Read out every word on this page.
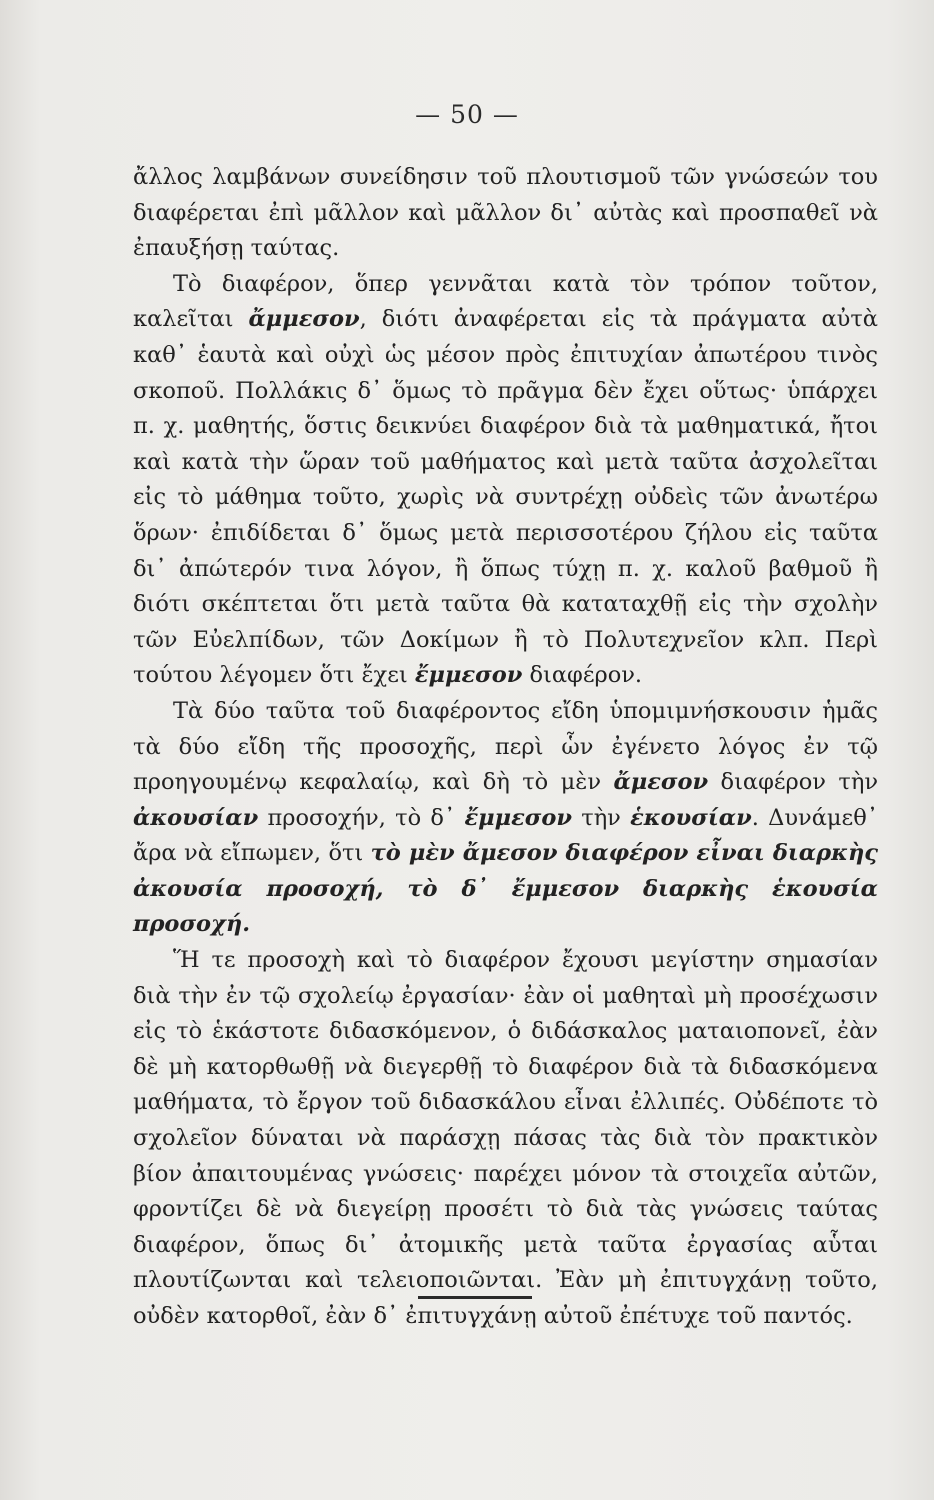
— 50 —

ἄλλος λαμβάνων συνείδησιν τοῦ πλουτισμοῦ τῶν γνώσεών του διαφέρεται ἐπὶ μᾶλλον καὶ μᾶλλον δι᾽ αὐτὰς καὶ προσπαθεῖ νὰ ἐπαυξήσῃ ταύτας.

Τὸ διαφέρον, ὅπερ γεννᾶται κατὰ τὸν τρόπον τοῦτον, καλεῖται ἄμμεσον, διότι ἀναφέρεται εἰς τὰ πράγματα αὐτὰ καθ᾽ ἑαυτὰ καὶ οὐχὶ ὡς μέσον πρὸς ἐπιτυχίαν ἀπωτέρου τινὸς σκοποῦ. Πολλάκις δ᾽ ὅμως τὸ πρᾶγμα δὲν ἔχει οὕτως· ὑπάρχει π. χ. μαθητής, ὅστις δεικνύει διαφέρον διὰ τὰ μαθηματικά, ἤτοι καὶ κατὰ τὴν ὥραν τοῦ μαθήματος καὶ μετὰ ταῦτα ἀσχολεῖται εἰς τὸ μάθημα τοῦτο, χωρὶς νὰ συντρέχῃ οὐδεὶς τῶν ἀνωτέρω ὅρων· ἐπιδίδεται δ᾽ ὅμως μετὰ περισσοτέρου ζήλου εἰς ταῦτα δι᾽ ἀπώτερόν τινα λόγον, ἢ ὅπως τύχῃ π. χ. καλοῦ βαθμοῦ ἢ διότι σκέπτεται ὅτι μετὰ ταῦτα θὰ καταταχθῇ εἰς τὴν σχολὴν τῶν Εὐελπίδων, τῶν Δοκίμων ἢ τὸ Πολυτεχνεῖον κλπ. Περὶ τούτου λέγομεν ὅτι ἔχει ἔμμεσον διαφέρον.

Τὰ δύο ταῦτα τοῦ διαφέροντος εἴδη ὑπομιμνήσκουσιν ἡμᾶς τὰ δύο εἴδη τῆς προσοχῆς, περὶ ὧν ἐγένετο λόγος ἐν τῷ προηγουμένῳ κεφαλαίῳ, καὶ δὴ τὸ μὲν ἄμεσον διαφέρον τὴν ἀκουσίαν προσοχήν, τὸ δ᾽ ἔμμεσον τὴν ἑκουσίαν. Δυνάμεθ᾽ ἄρα νὰ εἴπωμεν, ὅτι τὸ μὲν ἄμεσον διαφέρον εἶναι διαρκὴς ἀκουσία προσοχή, τὸ δ᾽ ἔμμεσον διαρκὴς ἑκουσία προσοχή.

Ἥ τε προσοχὴ καὶ τὸ διαφέρον ἔχουσι μεγίστην σημασίαν διὰ τὴν ἐν τῷ σχολείῳ ἐργασίαν· ἐὰν οἱ μαθηταὶ μὴ προσέχωσιν εἰς τὸ ἑκάστοτε διδασκόμενον, ὁ διδάσκαλος ματαιοπονεῖ, ἐὰν δὲ μὴ κατορθωθῇ νὰ διεγερθῇ τὸ διαφέρον διὰ τὰ διδασκόμενα μαθήματα, τὸ ἔργον τοῦ διδασκάλου εἶναι ἐλλιπές. Οὐδέποτε τὸ σχολεῖον δύναται νὰ παράσχῃ πάσας τὰς διὰ τὸν πρακτικὸν βίον ἀπαιτουμένας γνώσεις· παρέχει μόνον τὰ στοιχεῖα αὐτῶν, φροντίζει δὲ νὰ διεγείρῃ προσέτι τὸ διὰ τὰς γνώσεις ταύτας διαφέρον, ὅπως δι᾽ ἀτομικῆς μετὰ ταῦτα ἐργασίας αὗται πλουτίζωνται καὶ τελειοποιῶνται. Ἐὰν μὴ ἐπιτυγχάνῃ τοῦτο, οὐδὲν κατορθοῖ, ἐὰν δ᾽ ἐπιτυγχάνῃ αὐτοῦ ἐπέτυχε τοῦ παντός.
